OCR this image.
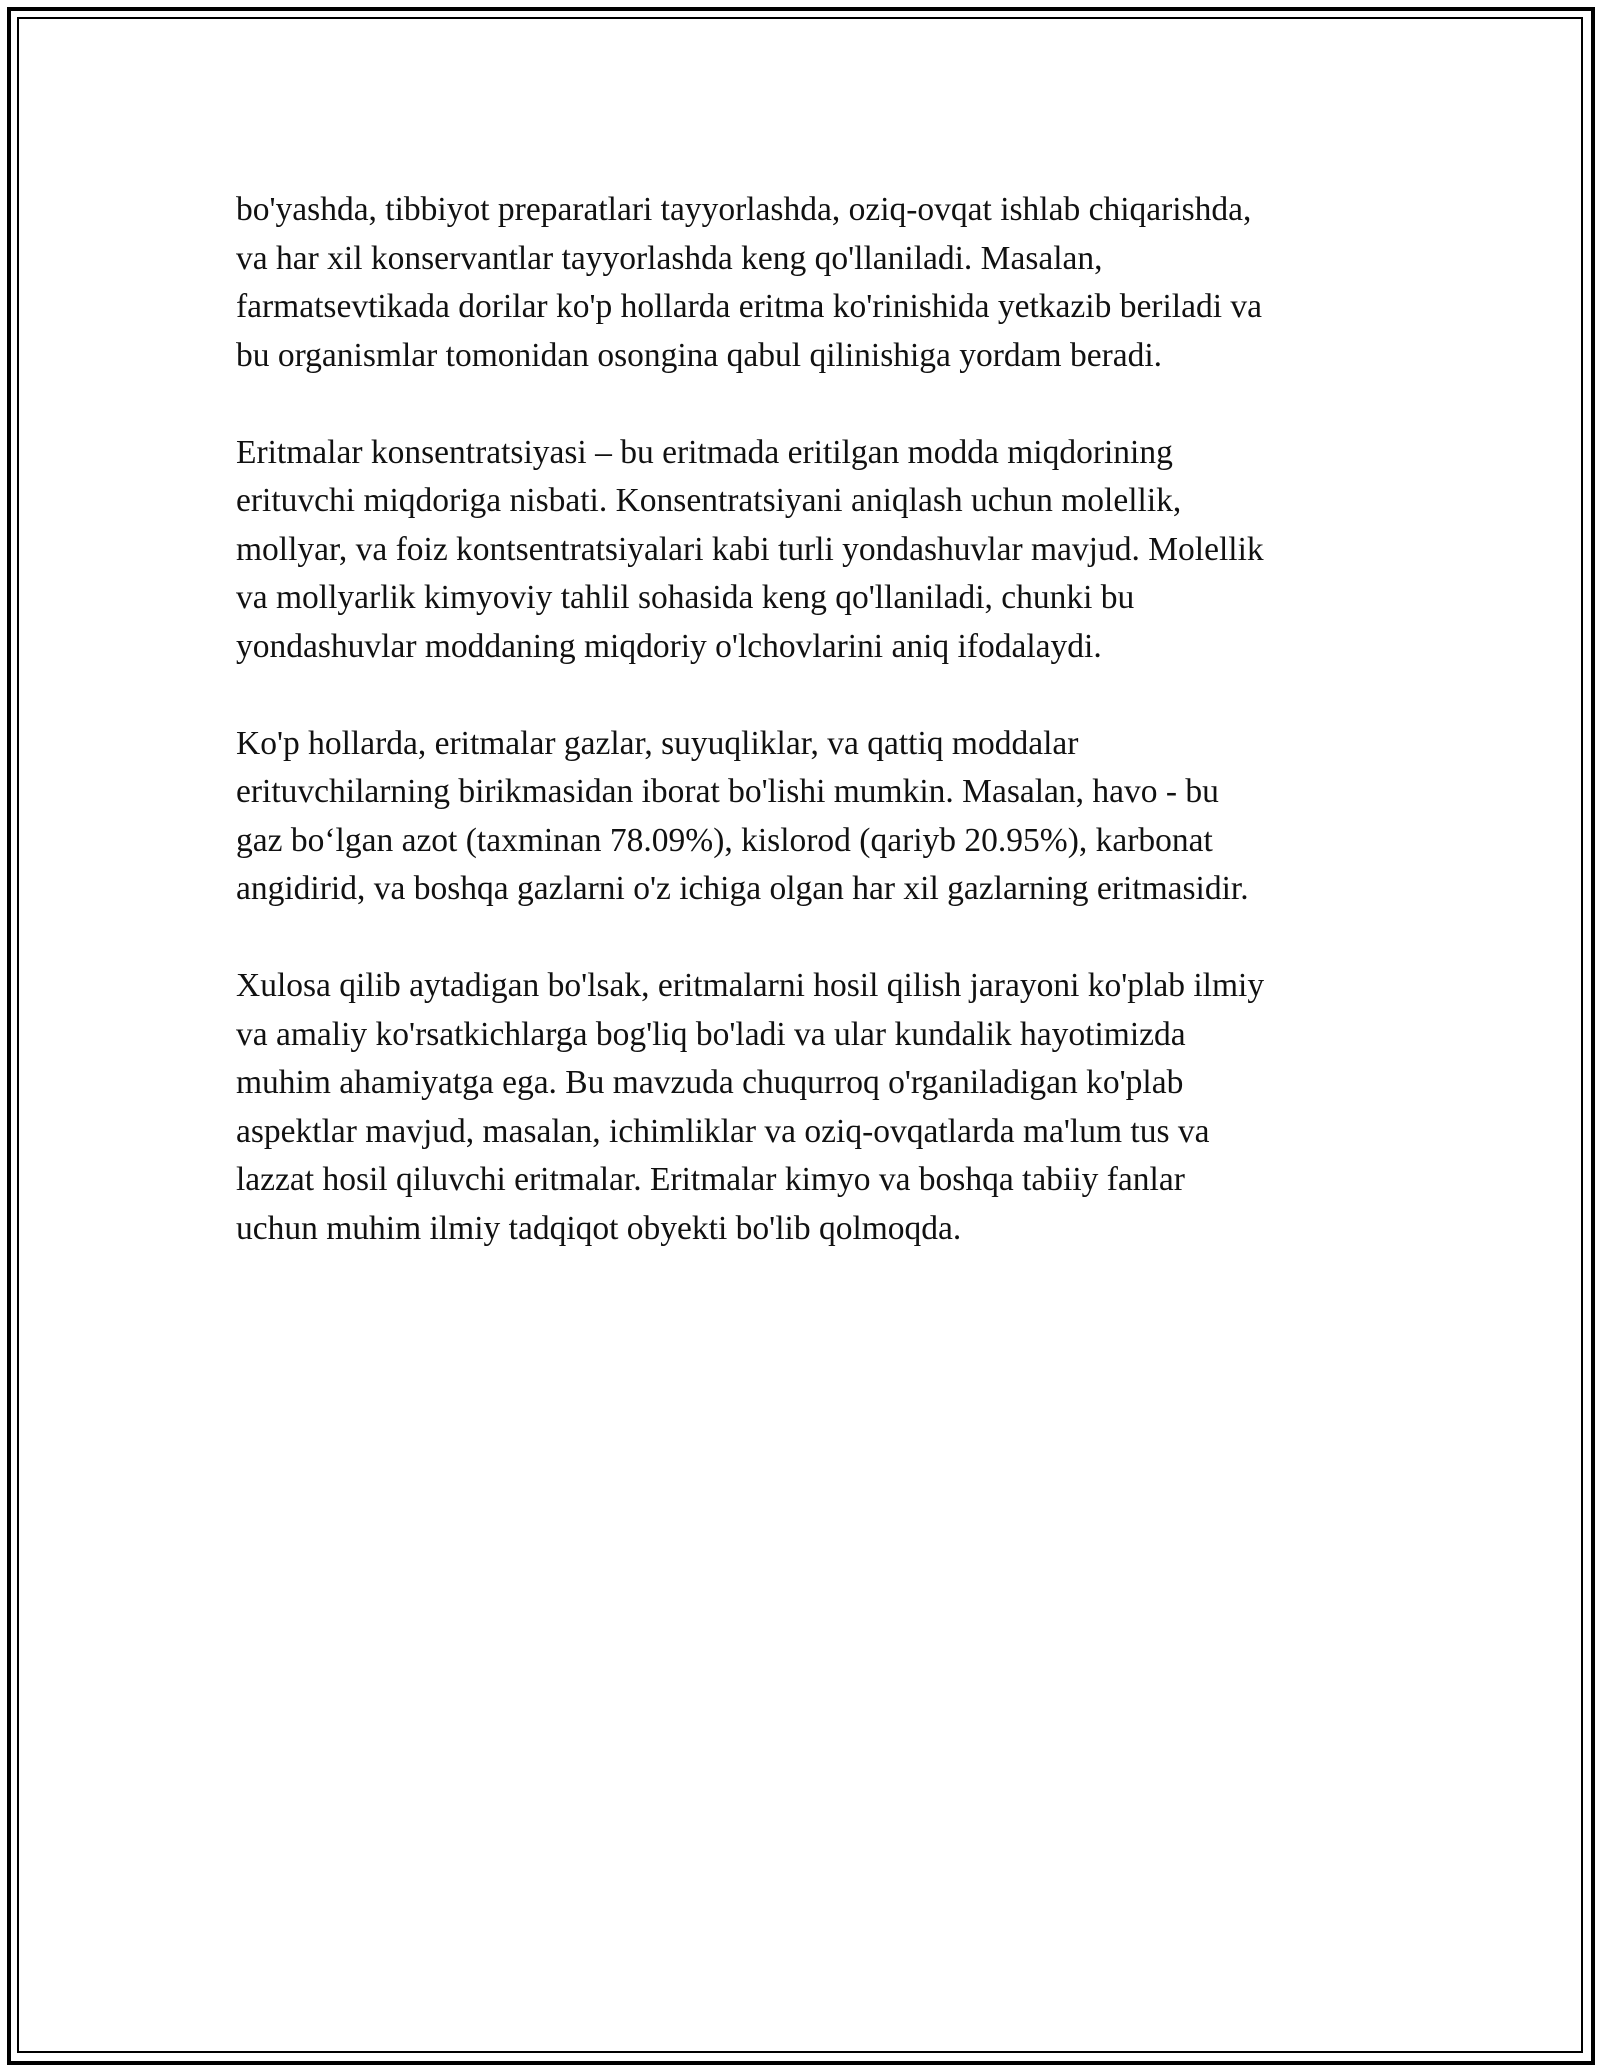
bo'yashda, tibbiyot preparatlari tayyorlashda, oziq-ovqat ishlab chiqarishda,
va har xil konservantlar tayyorlashda keng qo'llaniladi. Masalan,
farmatsevtikada dorilar ko'p hollarda eritma ko'rinishida yetkazib beriladi va
bu organismlar tomonidan osongina qabul qilinishiga yordam beradi.

Eritmalar konsentratsiyasi – bu eritmada eritilgan modda miqdorining
erituvchi miqdoriga nisbati. Konsentratsiyani aniqlash uchun molellik,
mollyar, va foiz kontsentratsiyalari kabi turli yondashuvlar mavjud. Molellik
va mollyarlik kimyoviy tahlil sohasida keng qo'llaniladi, chunki bu
yondashuvlar moddaning miqdoriy o'lchovlarini aniq ifodalaydi.

Ko'p hollarda, eritmalar gazlar, suyuqliklar, va qattiq moddalar
erituvchilarning birikmasidan iborat bo'lishi mumkin. Masalan, havo - bu
gaz bo‘lgan azot (taxminan 78.09%), kislorod (qariyb 20.95%), karbonat
angidirid, va boshqa gazlarni o'z ichiga olgan har xil gazlarning eritmasidir.

Xulosa qilib aytadigan bo'lsak, eritmalarni hosil qilish jarayoni ko'plab ilmiy
va amaliy ko'rsatkichlarga bog'liq bo'ladi va ular kundalik hayotimizda
muhim ahamiyatga ega. Bu mavzuda chuqurroq o'rganiladigan ko'plab
aspektlar mavjud, masalan, ichimliklar va oziq-ovqatlarda ma'lum tus va
lazzat hosil qiluvchi eritmalar. Eritmalar kimyo va boshqa tabiiy fanlar
uchun muhim ilmiy tadqiqot obyekti bo'lib qolmoqda.
